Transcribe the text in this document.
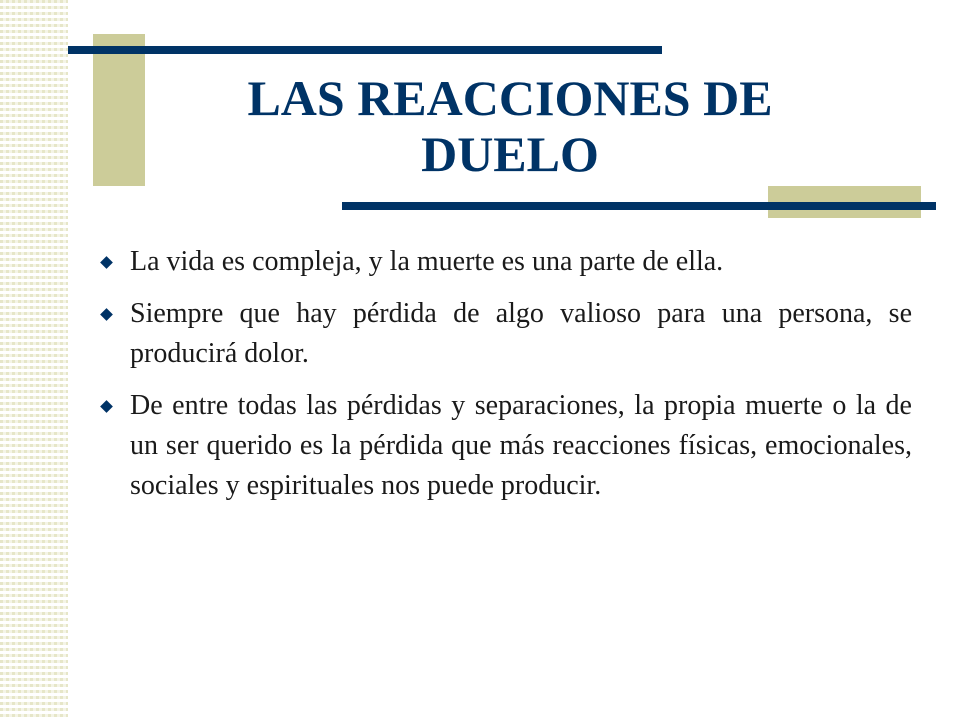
LAS REACCIONES DE DUELO
La vida es compleja, y la muerte es una parte de ella.
Siempre que hay pérdida de algo valioso para una persona, se producirá dolor.
De entre todas las pérdidas y separaciones, la propia muerte o la de un ser querido es la pérdida que más reacciones físicas, emocionales, sociales y espirituales nos puede producir.
